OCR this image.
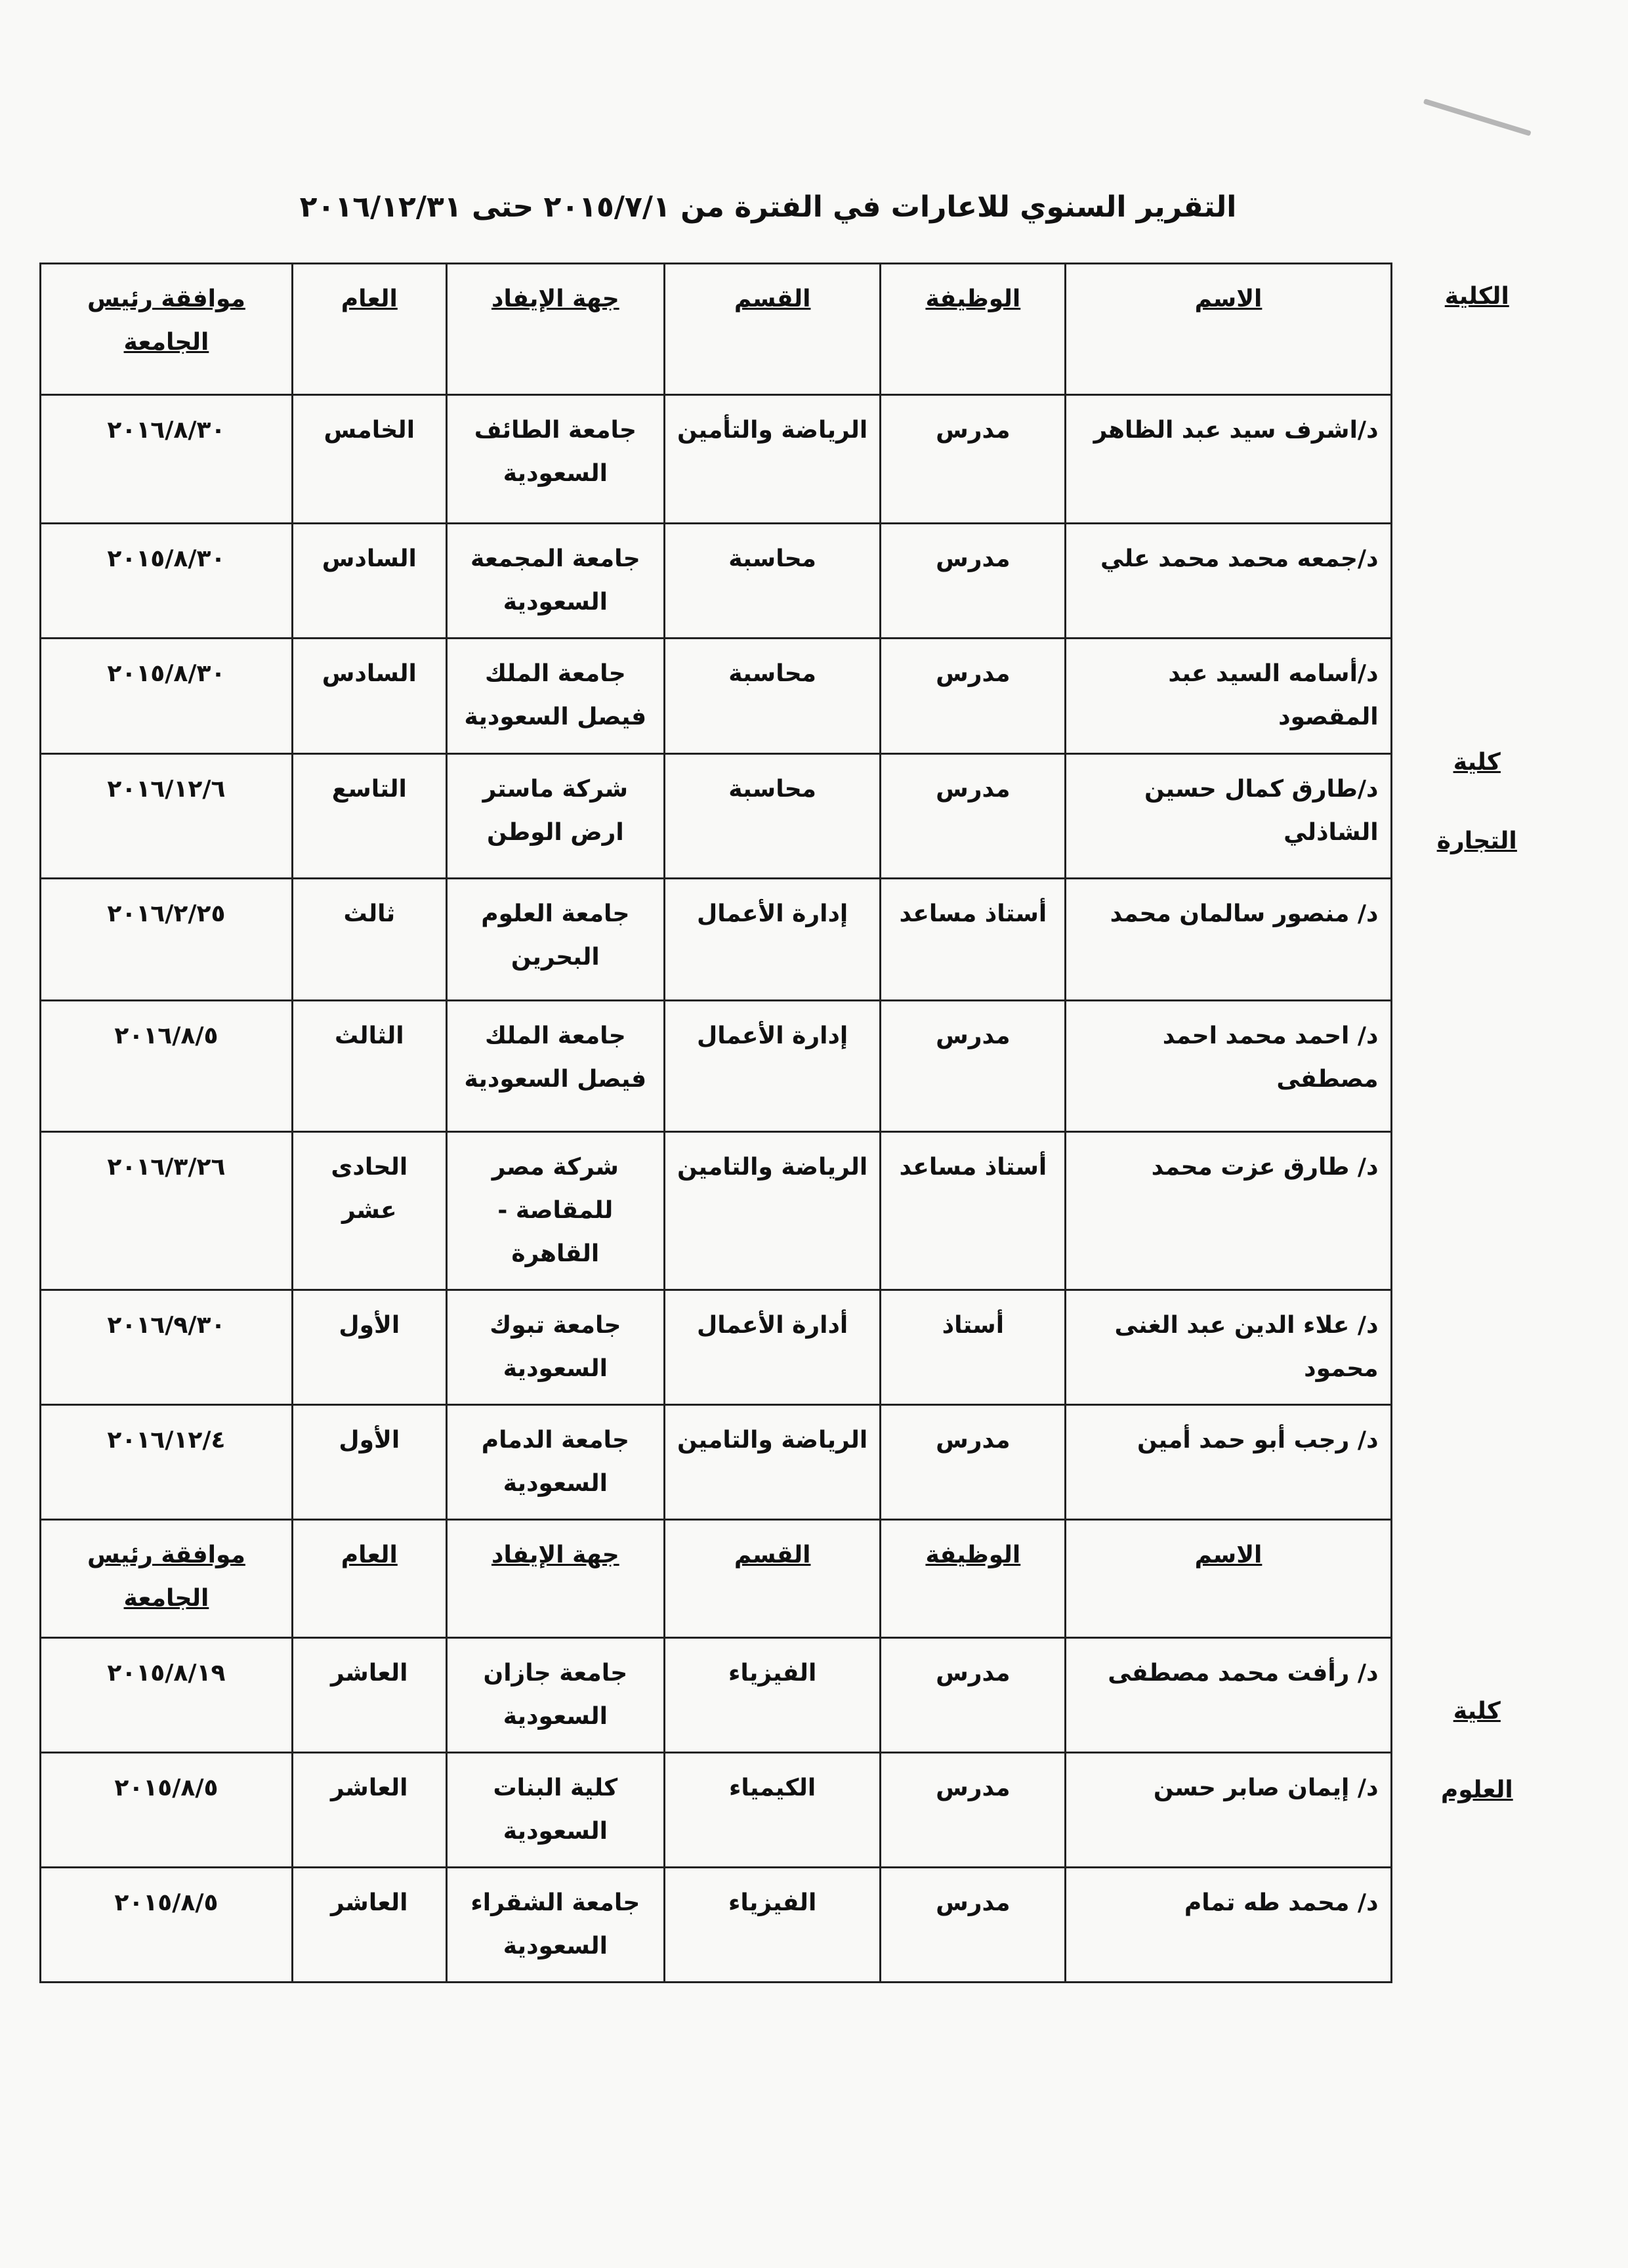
التقرير السنوي للاعارات في الفترة من ٢٠١٥/٧/١ حتى ٢٠١٦/١٢/٣١
الكلية
كلية
التجارة	الاسم	الوظيفة	القسم	جهة الإيفاد	العام	موافقة رئيس الجامعة
	د/اشرف سيد عبد الظاهر	مدرس	الرياضة والتأمين	جامعة الطائف السعودية	الخامس	٢٠١٦/٨/٣٠
	د/جمعه محمد محمد علي	مدرس	محاسبة	جامعة المجمعة السعودية	السادس	٢٠١٥/٨/٣٠
	د/أسامه السيد عبد المقصود	مدرس	محاسبة	جامعة الملك فيصل السعودية	السادس	٢٠١٥/٨/٣٠
	د/طارق كمال حسين الشاذلي	مدرس	محاسبة	شركة ماستر ارض الوطن	التاسع	٢٠١٦/١٢/٦
	د/ منصور سالمان محمد	أستاذ مساعد	إدارة الأعمال	جامعة العلوم البحرين	ثالث	٢٠١٦/٢/٢٥
	د/ احمد محمد احمد مصطفى	مدرس	إدارة الأعمال	جامعة الملك فيصل السعودية	الثالث	٢٠١٦/٨/٥
	د/ طارق عزت محمد	أستاذ مساعد	الرياضة والتامين	شركة مصر للمقاصة - القاهرة	الحادى عشر	٢٠١٦/٣/٢٦
	د/ علاء الدين عبد الغنى محمود	أستاذ	أدارة الأعمال	جامعة تبوك السعودية	الأول	٢٠١٦/٩/٣٠
	د/ رجب أبو حمد أمين	مدرس	الرياضة والتامين	جامعة الدمام السعودية	الأول	٢٠١٦/١٢/٤

كلية
العلوم	الاسم	الوظيفة	القسم	جهة الإيفاد	العام	موافقة رئيس الجامعة
	د/ رأفت محمد مصطفى	مدرس	الفيزياء	جامعة جازان السعودية	العاشر	٢٠١٥/٨/١٩
	د/ إيمان صابر حسن	مدرس	الكيمياء	كلية البنات السعودية	العاشر	٢٠١٥/٨/٥
	د/ محمد طه تمام	مدرس	الفيزياء	جامعة الشقراء السعودية	العاشر	٢٠١٥/٨/٥
